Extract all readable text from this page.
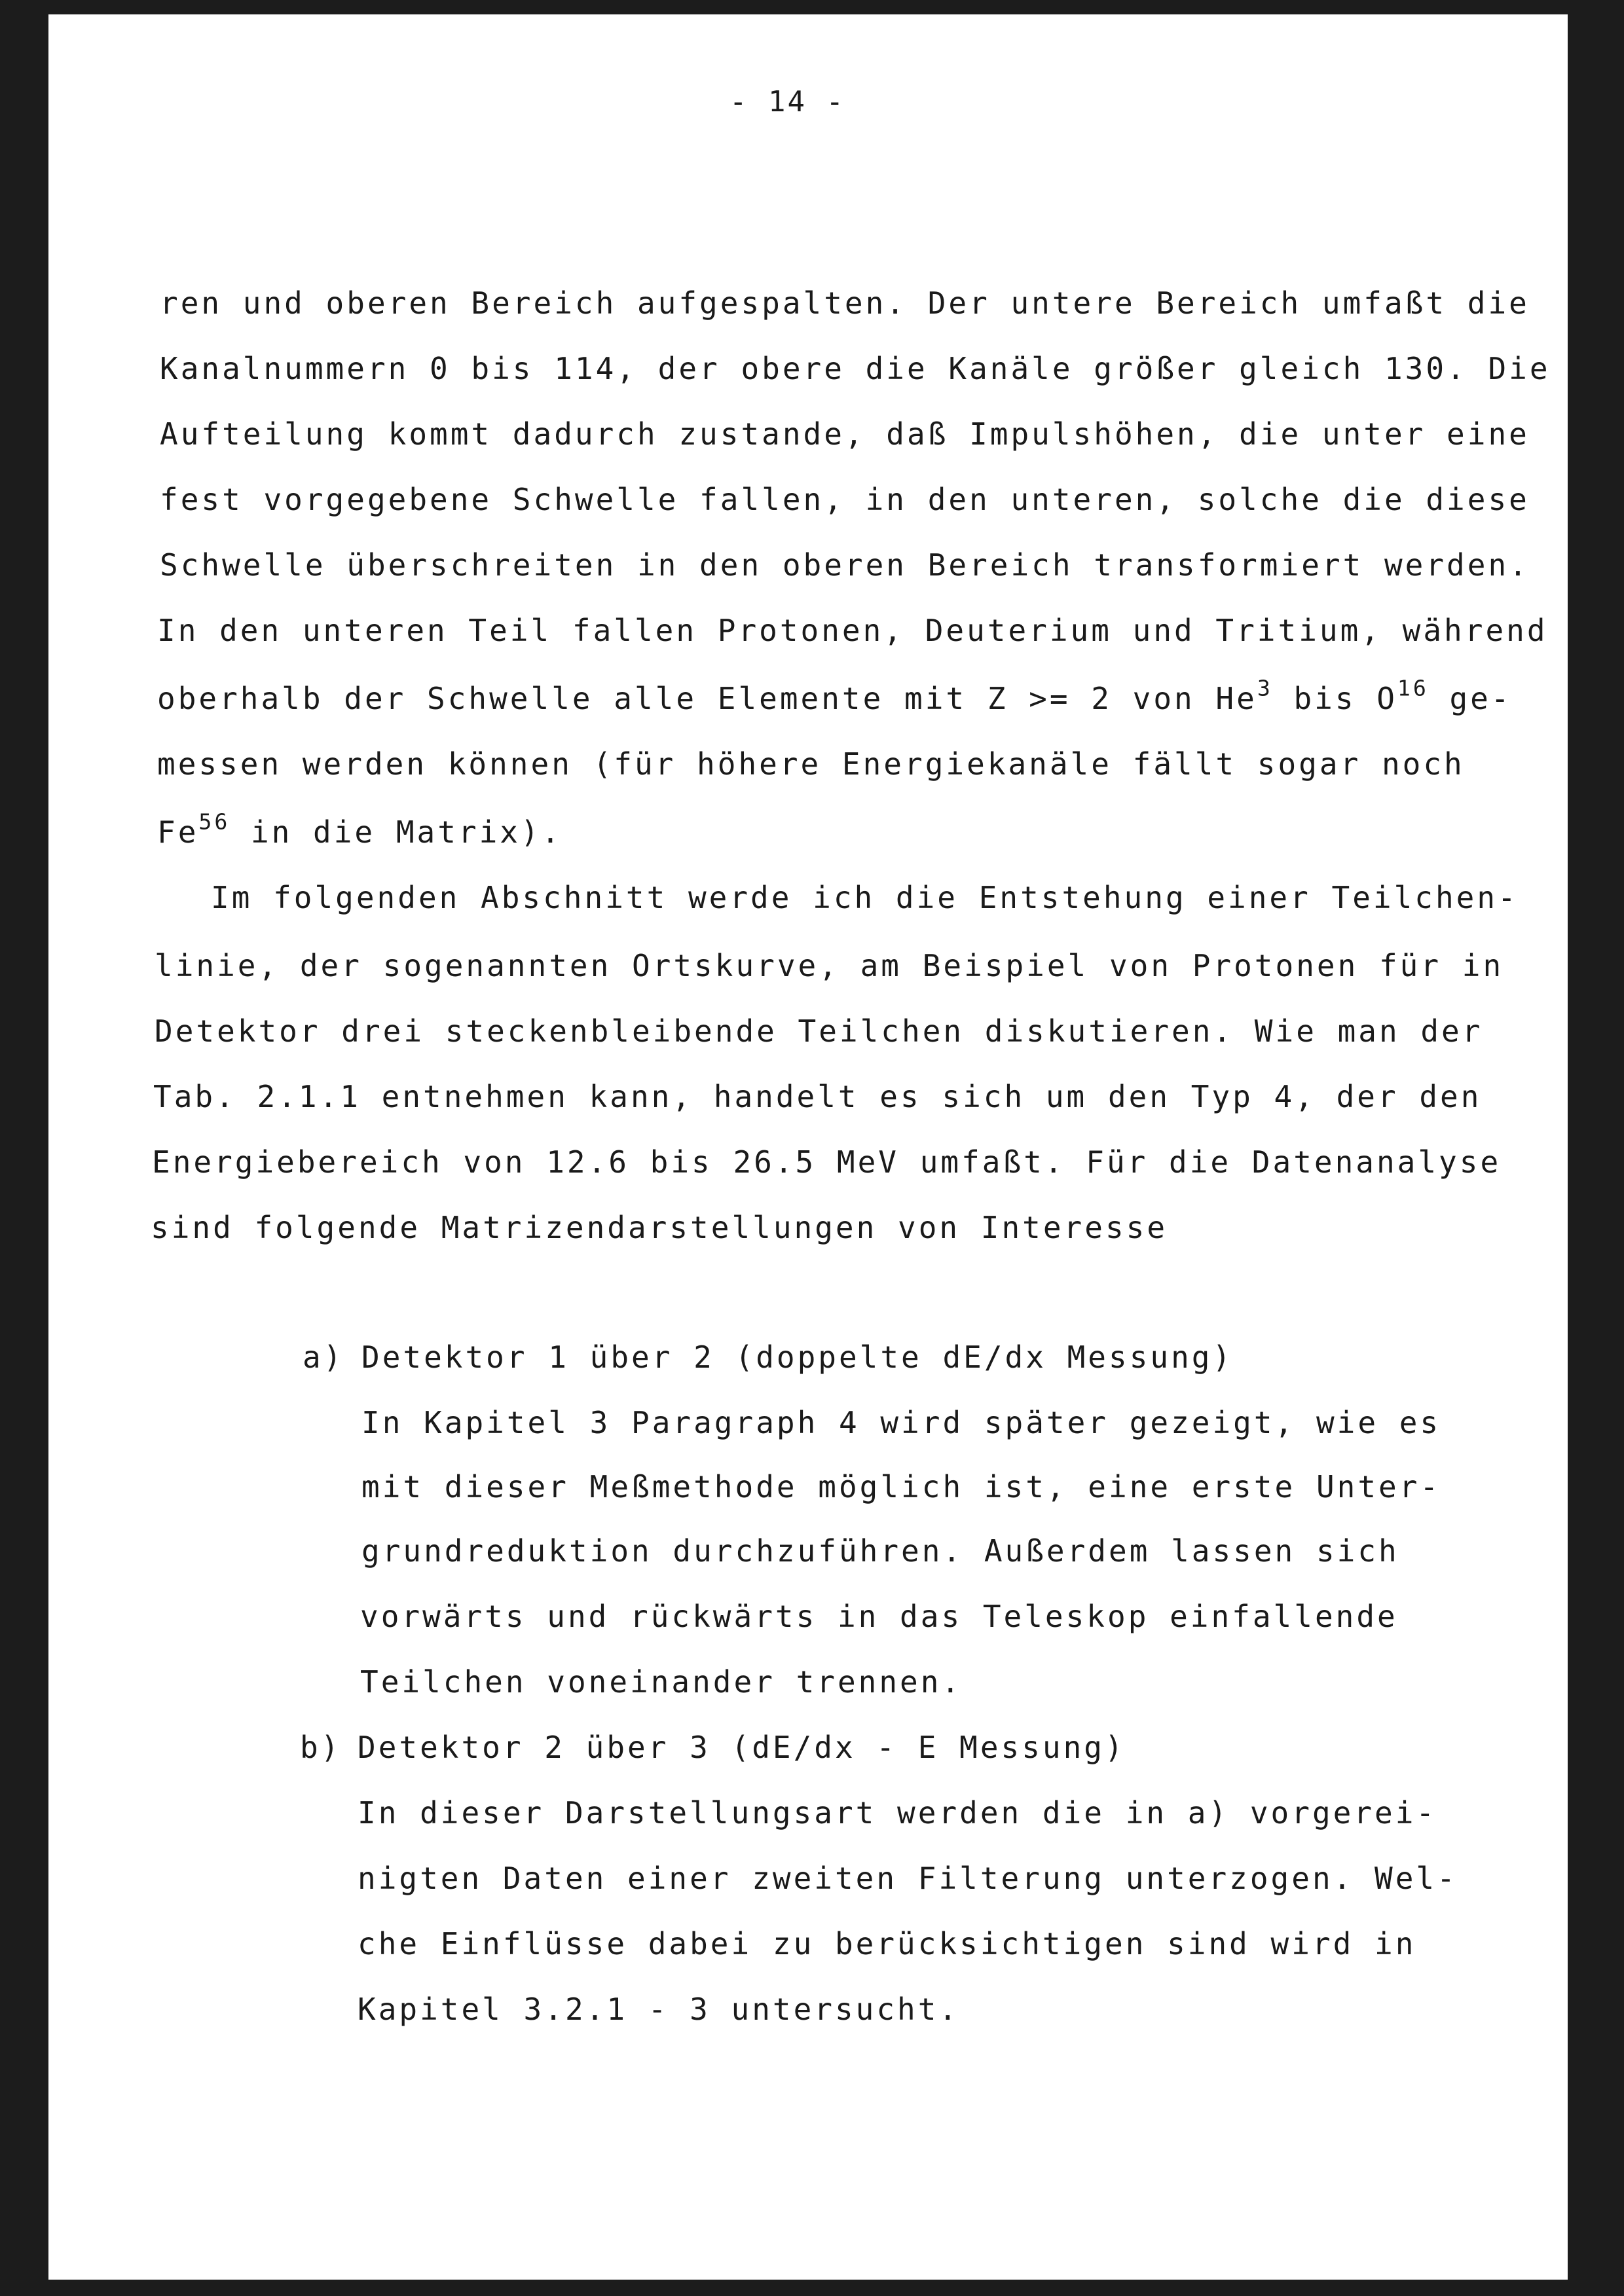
- 14 -
ren und oberen Bereich aufgespalten. Der untere Bereich umfaßt die
Kanalnummern 0 bis 114, der obere die Kanäle größer gleich 130. Die
Aufteilung kommt dadurch zustande, daß Impulshöhen, die unter eine
fest vorgegebene Schwelle fallen, in den unteren, solche die diese
Schwelle überschreiten in den oberen Bereich transformiert werden.
In den unteren Teil fallen Protonen, Deuterium und Tritium, während
oberhalb der Schwelle alle Elemente mit Z >= 2 von He$^3$ bis $O^{16}$ ge-
messen werden können (für höhere Energiekanäle fällt sogar noch
Fe$^{56}$ in die Matrix).
Im folgenden Abschnitt werde ich die Entstehung einer Teilchen-
linie, der sogenannten Ortskurve, am Beispiel von Protonen für in
Detektor drei steckenbleibende Teilchen diskutieren. Wie man der
Tab. 2.1.1 entnehmen kann, handelt es sich um den Typ 4, der den
Energiebereich von 12.6 bis 26.5 MeV umfaßt. Für die Datenanalyse
sind folgende Matrizendarstellungen von Interesse
a) Detektor 1 über 2 (doppelte dE/dx Messung)
In Kapitel 3 Paragraph 4 wird später gezeigt, wie es
mit dieser Meßmethode möglich ist, eine erste Unter-
grundreduktion durchzuführen. Außerdem lassen sich
vorwärts und rückwärts in das Teleskop einfallende
Teilchen voneinander trennen.
b) Detektor 2 über 3 (dE/dx - E Messung)
In dieser Darstellungsart werden die in a) vorgerei-
nigten Daten einer zweiten Filterung unterzogen. Wel-
che Einflüsse dabei zu berücksichtigen sind wird in
Kapitel 3.2.1 - 3 untersucht.
